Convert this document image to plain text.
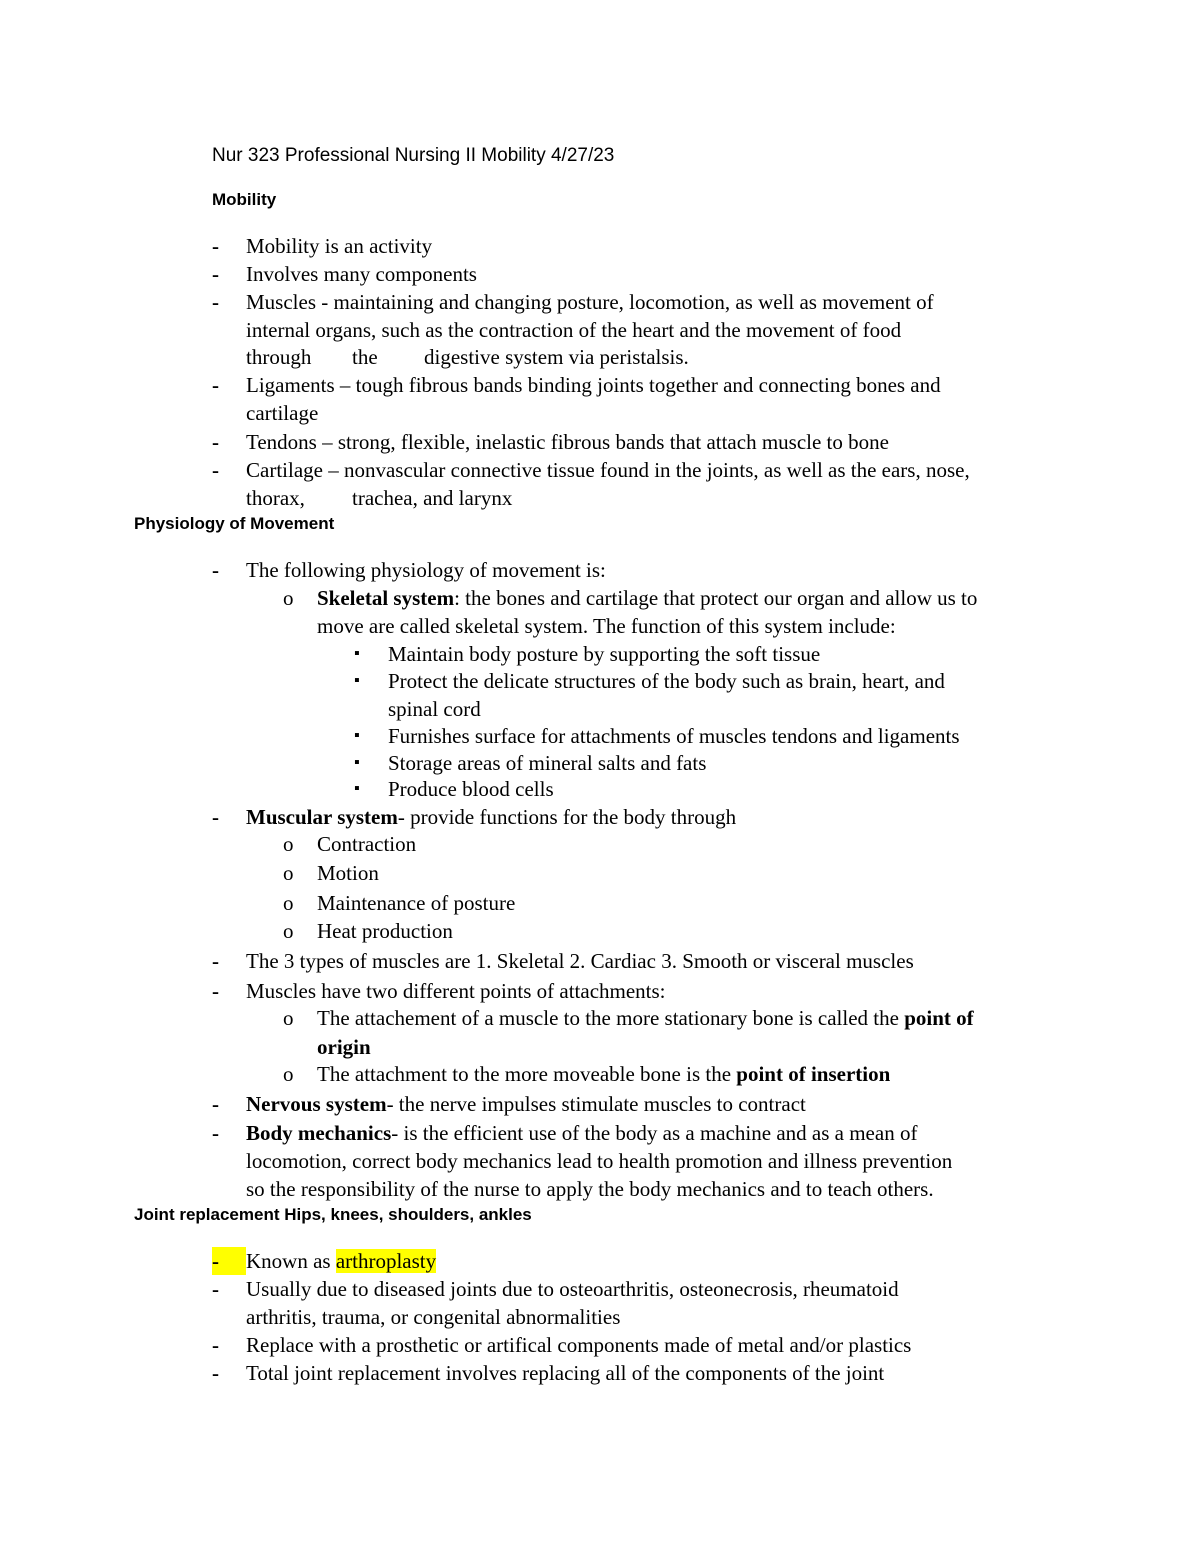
Nur 323 Professional Nursing II Mobility 4/27/23
Mobility
- Mobility is an activity
- Involves many components
- Muscles - maintaining and changing posture, locomotion, as well as movement of
internal organs, such as the contraction of the heart and the movement of food
through the digestive system via peristalsis.
- Ligaments – tough fibrous bands binding joints together and connecting bones and
cartilage
- Tendons – strong, flexible, inelastic fibrous bands that attach muscle to bone
- Cartilage – nonvascular connective tissue found in the joints, as well as the ears, nose,
thorax, trachea, and larynx
Physiology of Movement
- The following physiology of movement is:
o Skeletal system: the bones and cartilage that protect our organ and allow us to
move are called skeletal system. The function of this system include:
▪ Maintain body posture by supporting the soft tissue
▪ Protect the delicate structures of the body such as brain, heart, and
spinal cord
▪ Furnishes surface for attachments of muscles tendons and ligaments
▪ Storage areas of mineral salts and fats
▪ Produce blood cells
- Muscular system- provide functions for the body through
o Contraction
o Motion
o Maintenance of posture
o Heat production
- The 3 types of muscles are 1. Skeletal 2. Cardiac 3. Smooth or visceral muscles
- Muscles have two different points of attachments:
o The attachement of a muscle to the more stationary bone is called the point of
origin
o The attachment to the more moveable bone is the point of insertion
- Nervous system- the nerve impulses stimulate muscles to contract
- Body mechanics- is the efficient use of the body as a machine and as a mean of
locomotion, correct body mechanics lead to health promotion and illness prevention
so the responsibility of the nurse to apply the body mechanics and to teach others.
Joint replacement Hips, knees, shoulders, ankles
-	Known as arthroplasty
- Usually due to diseased joints due to osteoarthritis, osteonecrosis, rheumatoid
arthritis, trauma, or congenital abnormalities
- Replace with a prosthetic or artifical components made of metal and/or plastics
- Total joint replacement involves replacing all of the components of the joint
